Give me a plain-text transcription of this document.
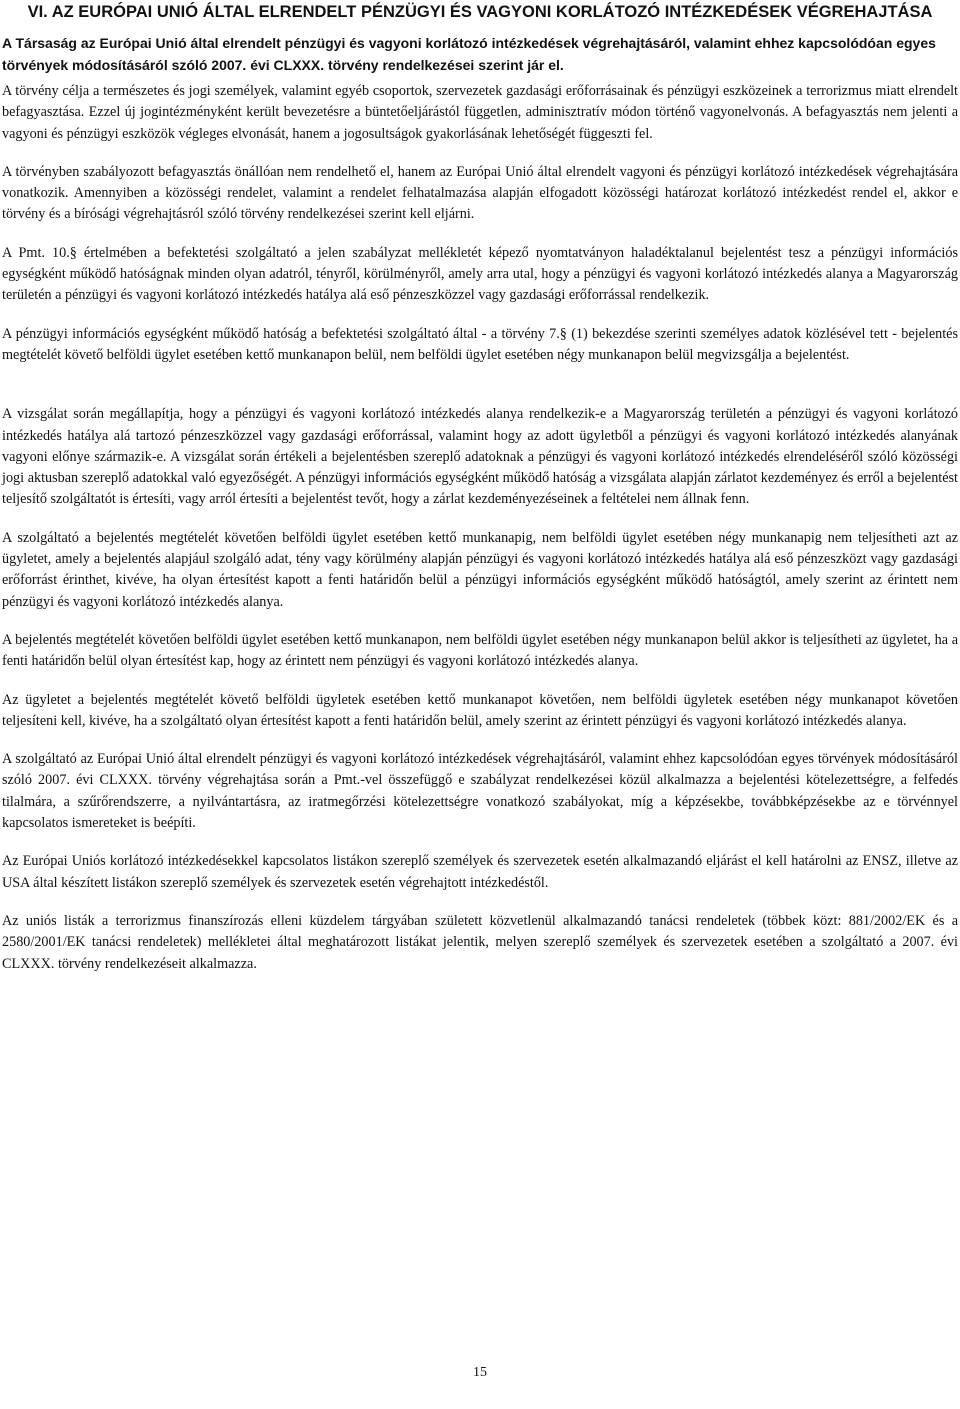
VI. AZ EURÓPAI UNIÓ ÁLTAL ELRENDELT PÉNZÜGYI ÉS VAGYONI KORLÁTOZÓ INTÉZKEDÉSEK VÉGREHAJTÁSA
A Társaság az Európai Unió által elrendelt pénzügyi és vagyoni korlátozó intézkedések végrehajtásáról, valamint ehhez kapcsolódóan egyes törvények módosításáról szóló 2007. évi CLXXX. törvény rendelkezései szerint jár el.

A törvény célja a természetes és jogi személyek, valamint egyéb csoportok, szervezetek gazdasági erőforrásainak és pénzügyi eszközeinek a terrorizmus miatt elrendelt befagyasztása. Ezzel új jogintézményként került bevezetésre a büntetőeljárástól független, adminisztratív módon történő vagyonelvonás. A befagyasztás nem jelenti a vagyoni és pénzügyi eszközök végleges elvonását, hanem a jogosultságok gyakorlásának lehetőségét függeszti fel.

A törvényben szabályozott befagyasztás önállóan nem rendelhető el, hanem az Európai Unió által elrendelt vagyoni és pénzügyi korlátozó intézkedések végrehajtására vonatkozik. Amennyiben a közösségi rendelet, valamint a rendelet felhatalmazása alapján elfogadott közösségi határozat korlátozó intézkedést rendel el, akkor e törvény és a bírósági végrehajtásról szóló törvény rendelkezései szerint kell eljárni.

A Pmt. 10.§ értelmében a befektetési szolgáltató a jelen szabályzat mellékletét képező nyomtatványon haladéktalanul bejelentést tesz a pénzügyi információs egységként működő hatóságnak minden olyan adatról, tényről, körülményről, amely arra utal, hogy a pénzügyi és vagyoni korlátozó intézkedés alanya a Magyarország területén a pénzügyi és vagyoni korlátozó intézkedés hatálya alá eső pénzeszközzel vagy gazdasági erőforrással rendelkezik.

A pénzügyi információs egységként működő hatóság a befektetési szolgáltató által - a törvény 7.§ (1) bekezdése szerinti személyes adatok közlésével tett - bejelentés megtételét követő belföldi ügylet esetében kettő munkanapon belül, nem belföldi ügylet esetében négy munkanapon belül megvizsgálja a bejelentést.

A vizsgálat során megállapítja, hogy a pénzügyi és vagyoni korlátozó intézkedés alanya rendelkezik-e a Magyarország területén a pénzügyi és vagyoni korlátozó intézkedés hatálya alá tartozó pénzeszközzel vagy gazdasági erőforrással, valamint hogy az adott ügyletből a pénzügyi és vagyoni korlátozó intézkedés alanyának vagyoni előnye származik-e. A vizsgálat során értékeli a bejelentésben szereplő adatoknak a pénzügyi és vagyoni korlátozó intézkedés elrendeléséről szóló közösségi jogi aktusban szereplő adatokkal való egyezőségét. A pénzügyi információs egységként működő hatóság a vizsgálata alapján zárlatot kezdeményez és erről a bejelentést teljesítő szolgáltatót is értesíti, vagy arról értesíti a bejelentést tevőt, hogy a zárlat kezdeményezéseinek a feltételei nem állnak fenn.

A szolgáltató a bejelentés megtételét követően belföldi ügylet esetében kettő munkanapig, nem belföldi ügylet esetében négy munkanapig nem teljesítheti azt az ügyletet, amely a bejelentés alapjául szolgáló adat, tény vagy körülmény alapján pénzügyi és vagyoni korlátozó intézkedés hatálya alá eső pénzeszközt vagy gazdasági erőforrást érinthet, kivéve, ha olyan értesítést kapott a fenti határidőn belül a pénzügyi információs egységként működő hatóságtól, amely szerint az érintett nem pénzügyi és vagyoni korlátozó intézkedés alanya.

A bejelentés megtételét követően belföldi ügylet esetében kettő munkanapon, nem belföldi ügylet esetében négy munkanapon belül akkor is teljesítheti az ügyletet, ha a fenti határidőn belül olyan értesítést kap, hogy az érintett nem pénzügyi és vagyoni korlátozó intézkedés alanya.

Az ügyletet a bejelentés megtételét követő belföldi ügyletek esetében kettő munkanapot követően, nem belföldi ügyletek esetében négy munkanapot követően teljesíteni kell, kivéve, ha a szolgáltató olyan értesítést kapott a fenti határidőn belül, amely szerint az érintett pénzügyi és vagyoni korlátozó intézkedés alanya.

A szolgáltató az Európai Unió által elrendelt pénzügyi és vagyoni korlátozó intézkedések végrehajtásáról, valamint ehhez kapcsolódóan egyes törvények módosításáról szóló 2007. évi CLXXX. törvény végrehajtása során a Pmt.-vel összefüggő e szabályzat rendelkezései közül alkalmazza a bejelentési kötelezettségre, a felfedés tilalmára, a szűrőrendszerre, a nyilvántartásra, az iratmegőrzési kötelezettségre vonatkozó szabályokat, míg a képzésekbe, továbbképzésekbe az e törvénnyel kapcsolatos ismereteket is beépíti.

Az Európai Uniós korlátozó intézkedésekkel kapcsolatos listákon szereplő személyek és szervezetek esetén alkalmazandó eljárást el kell határolni az ENSZ, illetve az USA által készített listákon szereplő személyek és szervezetek esetén végrehajtott intézkedéstől.

Az uniós listák a terrorizmus finanszírozás elleni küzdelem tárgyában született közvetlenül alkalmazandó tanácsi rendeletek (többek közt: 881/2002/EK és a 2580/2001/EK tanácsi rendeletek) mellékletei által meghatározott listákat jelentik, melyen szereplő személyek és szervezetek esetében a szolgáltató a 2007. évi CLXXX. törvény rendelkezéseit alkalmazza.

15
